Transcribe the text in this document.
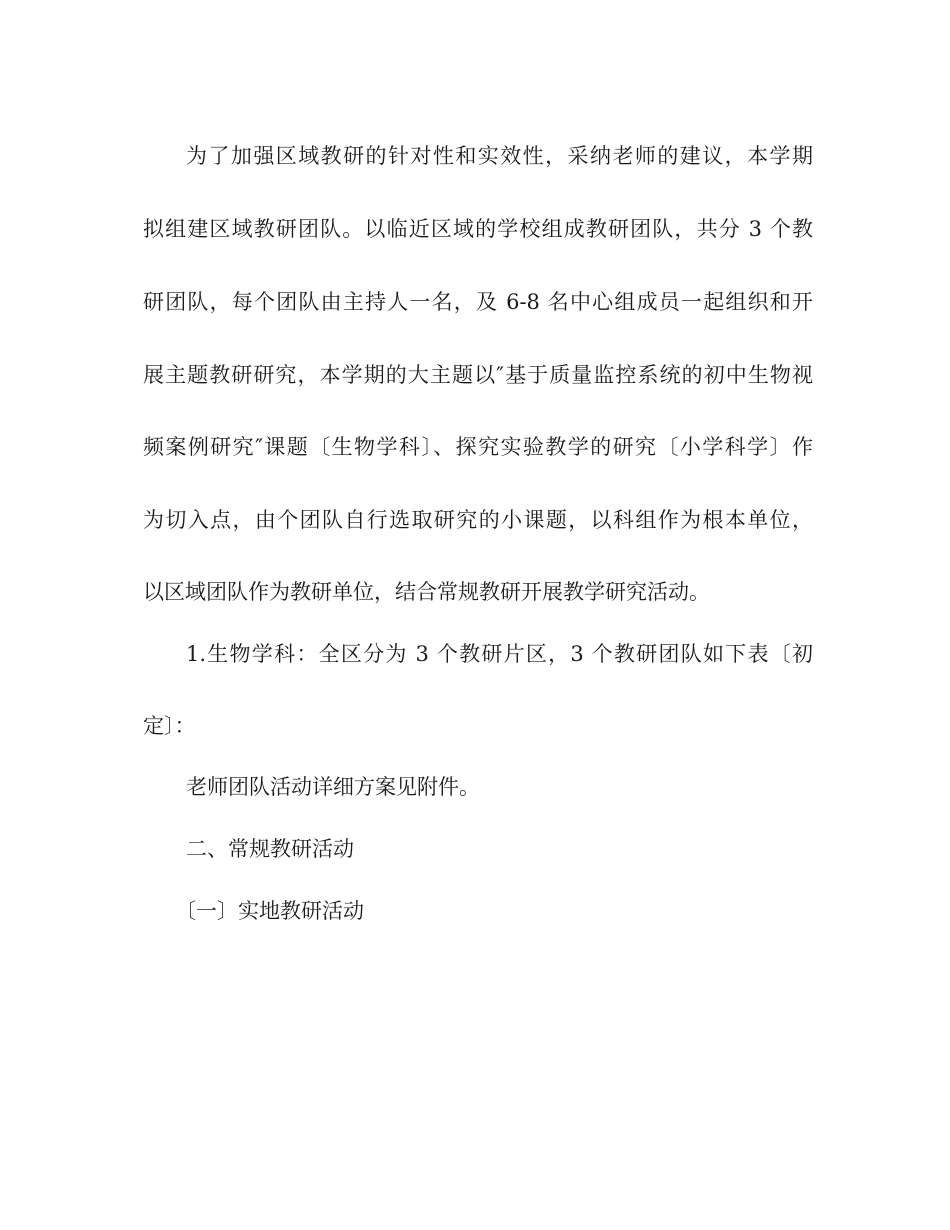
为了加强区域教研的针对性和实效性，采纳老师的建议，本学期
拟组建区域教研团队。以临近区域的学校组成教研团队，共分 3 个教
研团队，每个团队由主持人一名，及 6-8 名中心组成员一起组织和开
展主题教研研究，本学期的大主题以″基于质量监控系统的初中生物视
频案例研究″课题〔生物学科〕、探究实验教学的研究〔小学科学〕作
为切入点，由个团队自行选取研究的小课题，以科组作为根本单位，
以区域团队作为教研单位，结合常规教研开展教学研究活动。
1.生物学科：全区分为 3 个教研片区，3 个教研团队如下表〔初
定〕：
老师团队活动详细方案见附件。
二、常规教研活动
〔一〕实地教研活动
